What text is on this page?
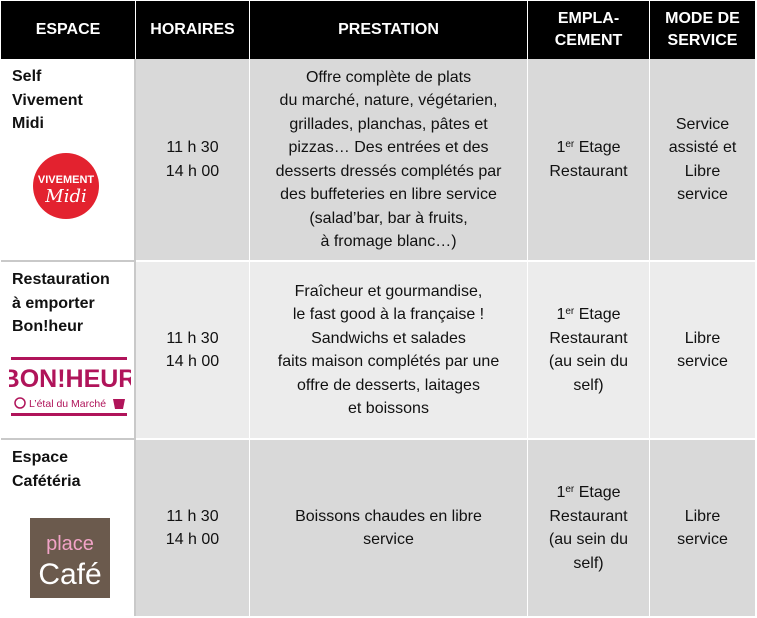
ESPACE	HORAIRES	PRESTATION
EMPLA-
CEMENT
MODE DE
SERVICE
Self
Vivement
Midi
VIVEMENT
Midi
11 h 30
14 h 00
Offre complète de plats
du marché, nature, végétarien,
grillades, planchas, pâtes et
pizzas… Des entrées et des
desserts dressés complétés par
des buffeteries en libre service
(salad’bar, bar à fruits,
à fromage blanc…)
1er Etage
Restaurant
Service
assisté et
Libre
service
Restauration
à emporter
Bon!heur
BON!HEUR
L’étal du Marché
11 h 30
14 h 00
Fraîcheur et gourmandise,
le fast good à la française !
Sandwichs et salades
faits maison complétés par une
offre de desserts, laitages
et boissons
1er Etage
Restaurant
(au sein du
self)
Libre
service
Espace
Cafétéria
place
Café
11 h 30
14 h 00
Boissons chaudes en libre
service
1er Etage
Restaurant
(au sein du
self)
Libre
service
